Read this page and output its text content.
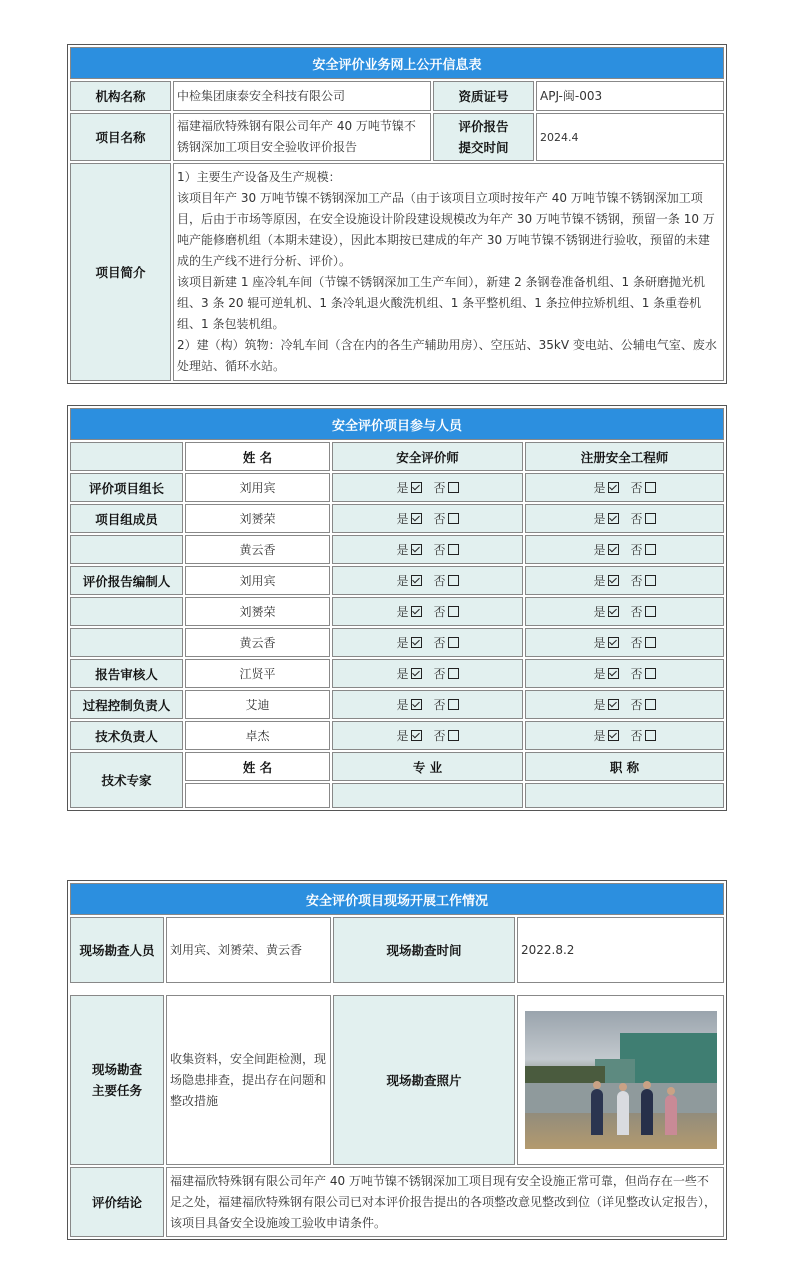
安全评价业务网上公开信息表			
机构名称	中检集团康泰安全科技有限公司	资质证号	APJ-闽-003
项目名称	福建福欣特殊钢有限公司年产 40 万吨节镍不锈钢深加工项目安全验收评价报告	评价报告
提交时间	2024.4
项目简介	1）主要生产设备及生产规模：
该项目年产 30 万吨节镍不锈钢深加工产品（由于该项目立项时按年产 40 万吨节镍不锈钢深加工项目，后由于市场等原因，在安全设施设计阶段建设规模改为年产 30 万吨节镍不锈钢，预留一条 10 万吨产能修磨机组（本期未建设），因此本期按已建成的年产 30 万吨节镍不锈钢进行验收，预留的未建成的生产线不进行分析、评价）。
该项目新建 1 座冷轧车间（节镍不锈钢深加工生产车间），新建 2 条钢卷准备机组、1 条研磨抛光机组、3 条 20 辊可逆轧机、1 条冷轧退火酸洗机组、1 条平整机组、1 条拉伸拉矫机组、1 条重卷机组、1 条包装机组。
2）建（构）筑物：冷轧车间（含在内的各生产辅助用房）、空压站、35kV 变电站、公辅电气室、废水处理站、循环水站。		
安全评价项目参与人员			
	姓 名	安全评价师	注册安全工程师
评价项目组长	刘用宾	是 否	是 否
项目组成员	刘赟荣	是 否	是 否
	黄云香	是 否	是 否
评价报告编制人	刘用宾	是 否	是 否
	刘赟荣	是 否	是 否
	黄云香	是 否	是 否
报告审核人	江贤平	是 否	是 否
过程控制负责人	艾迪	是 否	是 否
技术负责人	卓杰	是 否	是 否
技术专家	姓 名	专 业	职 称

安全评价项目现场开展工作情况			
现场勘查人员	刘用宾、刘赟荣、黄云香	现场勘查时间	2022.8.2

现场勘查
主要任务	收集资料，安全间距检测，现场隐患排查，提出存在问题和整改措施	现场勘查照片	

评价结论	福建福欣特殊钢有限公司年产 40 万吨节镍不锈钢深加工项目现有安全设施正常可靠，但尚存在一些不足之处，福建福欣特殊钢有限公司已对本评价报告提出的各项整改意见整改到位（详见整改认定报告），该项目具备安全设施竣工验收申请条件。		
